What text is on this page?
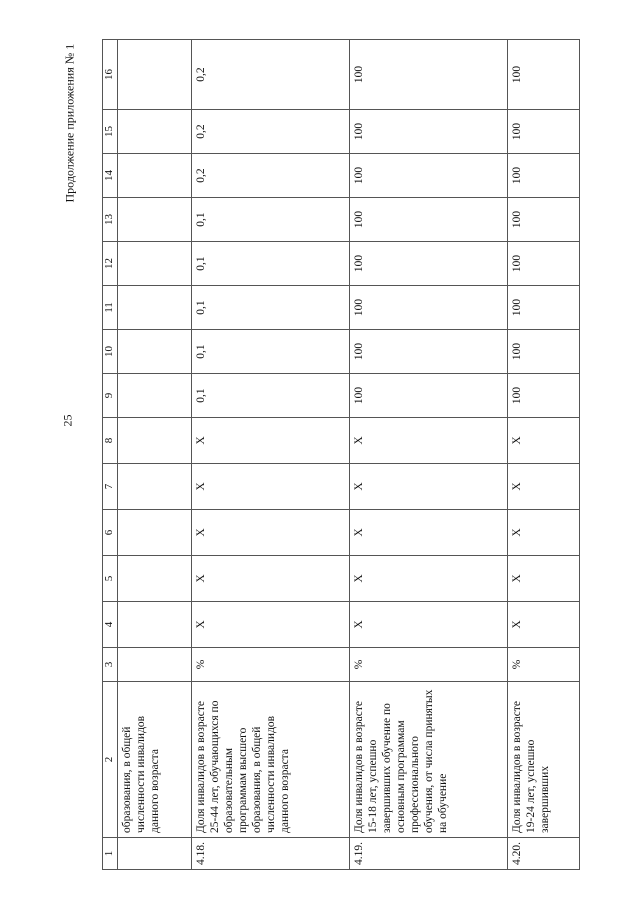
25
Продолжение приложения № 1
1	2	3	4	5	6	7	8	9	10	11	12	13	14	15	16
	образования, в общей численности инвалидов данного возраста														
4.18.	Доля инвалидов в возрасте 25-44 лет, обучающихся по образовательным программам высшего образования, в общей численности инвалидов данного возраста	%	X	X	X	X	X	0,1	0,1	0,1	0,1	0,1	0,2	0,2	0,2
4.19.	Доля инвалидов в возрасте 15-18 лет, успешно завершивших обучение по основным программам профессионального обучения, от числа принятых на обучение	%	X	X	X	X	X	100	100	100	100	100	100	100	100
4.20.	Доля инвалидов в возрасте 19-24 лет, успешно завершивших	%	X	X	X	X	X	100	100	100	100	100	100	100	100
